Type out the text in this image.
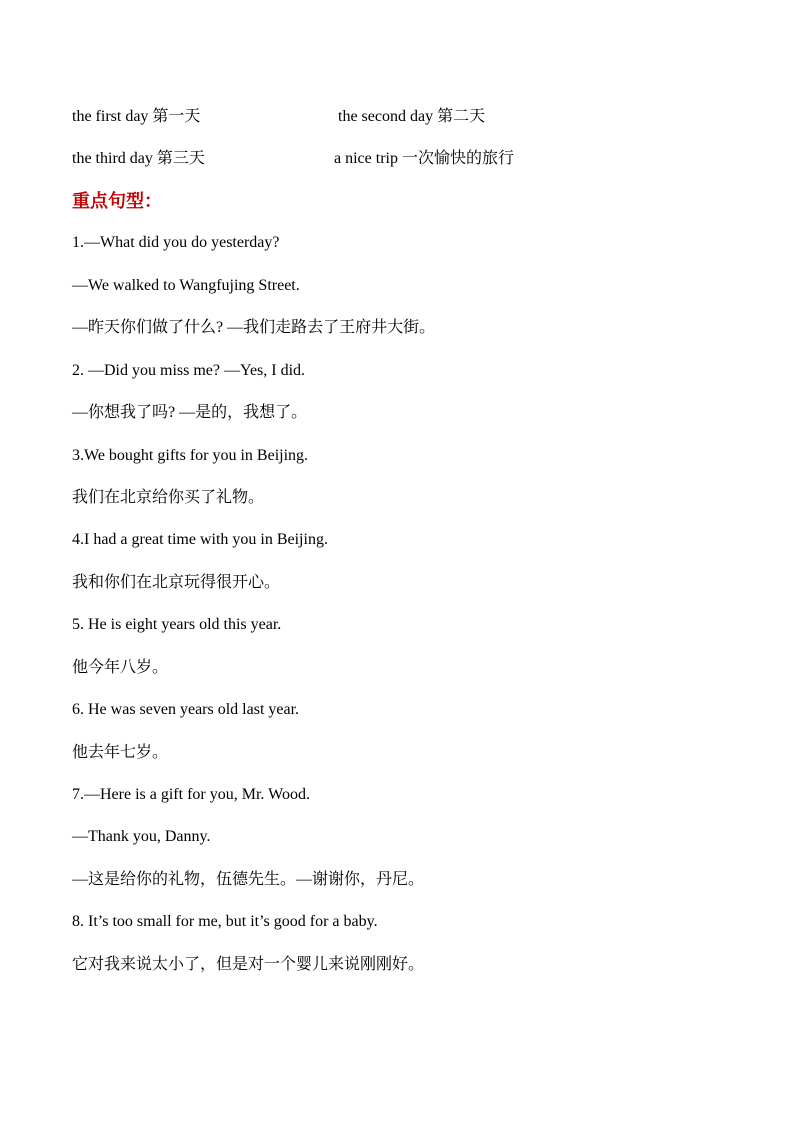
the first day 第一天	the second day 第二天
the third day 第三天	a nice trip 一次愉快的旅行
重点句型：
1.—What did you do yesterday?
—We walked to Wangfujing Street.
—昨天你们做了什么? —我们走路去了王府井大街。
2. —Did you miss me? —Yes, I did.
—你想我了吗? —是的，我想了。
3.We bought gifts for you in Beijing.
我们在北京给你买了礼物。
4.I had a great time with you in Beijing.
我和你们在北京玩得很开心。
5. He is eight years old this year.
他今年八岁。
6. He was seven years old last year.
他去年七岁。
7.—Here is a gift for you, Mr. Wood.
—Thank you, Danny.
—这是给你的礼物，伍德先生。—谢谢你，丹尼。
8. It’s too small for me, but it’s good for a baby.
它对我来说太小了，但是对一个婴儿来说刚刚好。
